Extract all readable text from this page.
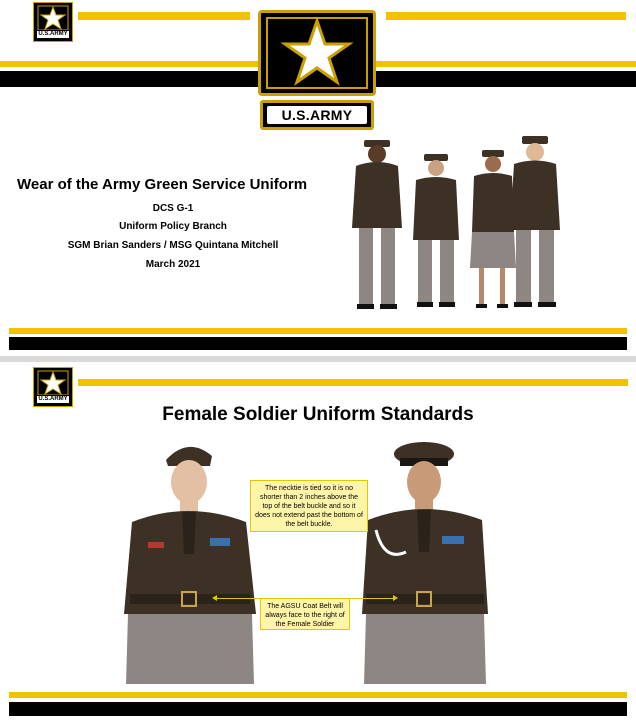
U.S.ARMY
U.S.ARMY
Wear of the Army Green Service Uniform
DCS G-1
Uniform Policy Branch
SGM Brian Sanders / MSG Quintana Mitchell
March 2021
U.S.ARMY
Female Soldier Uniform Standards
The necktie is tied so it is no shorter than 2 inches above the top of the belt buckle and so it does not extend past the bottom of the belt buckle.
The AGSU Coat Belt will always face to the right of the Female Soldier
